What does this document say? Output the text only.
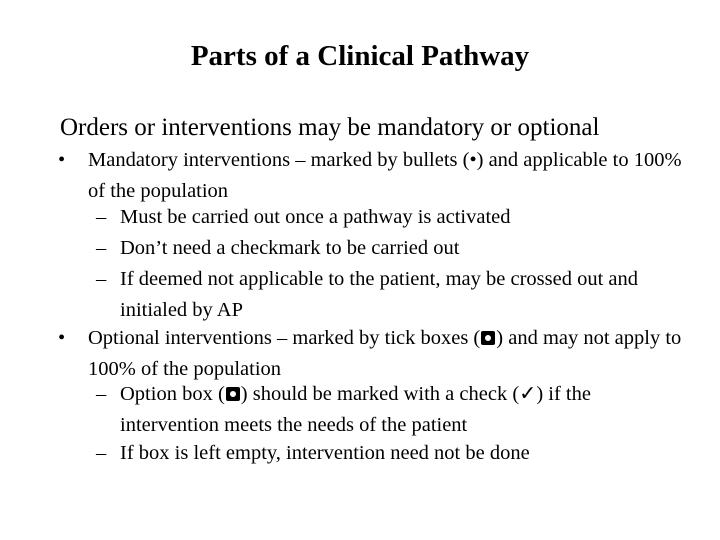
Parts of a Clinical Pathway
Orders or interventions may be mandatory or optional
•	Mandatory interventions – marked by bullets (•) and applicable to 100% of the population
– Must be carried out once a pathway is activated
– Don’t need a checkmark to be carried out
– If deemed not applicable to the patient, may be crossed out and initialed by AP
•	Optional interventions – marked by tick boxes ( ) and may not apply to 100% of the population
– Option box ( ) should be marked with a check (✓) if the intervention meets the needs of the patient
– If box is left empty, intervention need not be done
